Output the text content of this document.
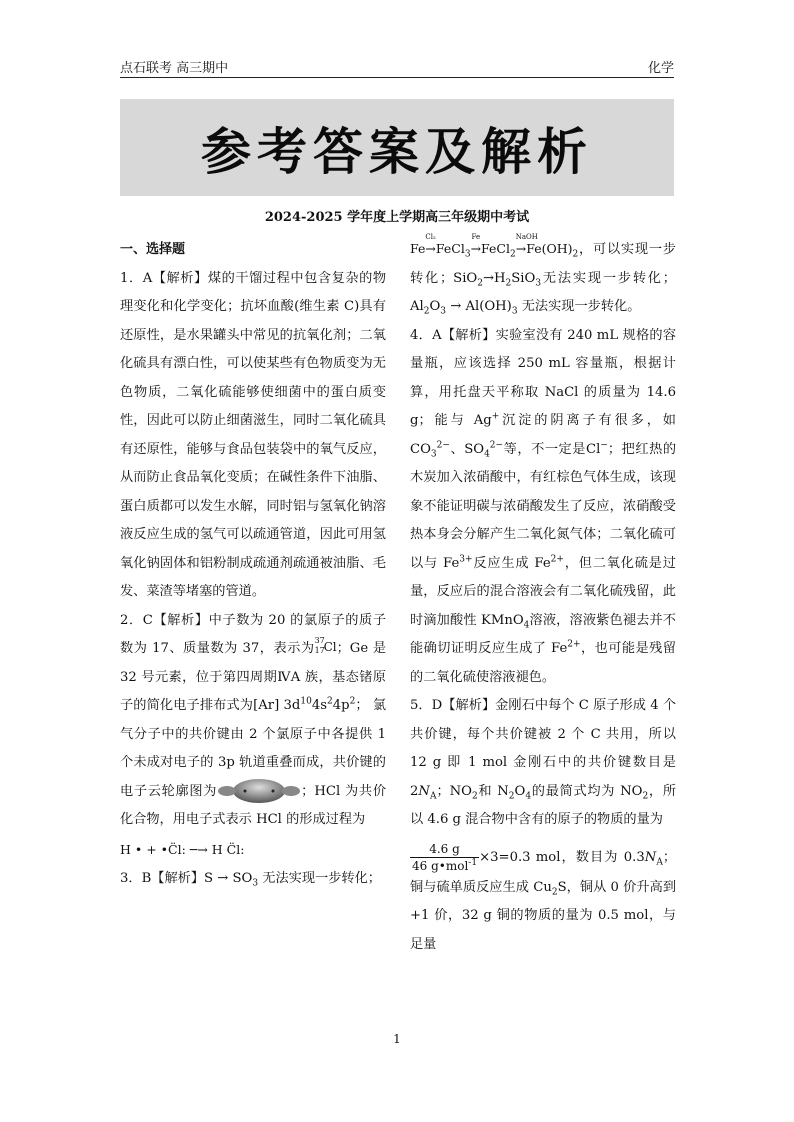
点石联考 高三期中	化学
参考答案及解析
2024-2025 学年度上学期高三年级期中考试
一、选择题

1．A【解析】煤的干馏过程中包含复杂的物理变化和化学变化；抗坏血酸(维生素 C)具有还原性，是水果罐头中常见的抗氧化剂；二氧化硫具有漂白性，可以使某些有色物质变为无色物质，二氧化硫能够使细菌中的蛋白质变性，因此可以防止细菌滋生，同时二氧化硫具有还原性，能够与食品包装袋中的氧气反应，从而防止食品氧化变质；在碱性条件下油脂、蛋白质都可以发生水解，同时铝与氢氧化钠溶液反应生成的氢气可以疏通管道，因此可用氢氧化钠固体和铝粉制成疏通剂疏通被油脂、毛发、菜渣等堵塞的管道。

2．C【解析】中子数为 20 的氯原子的质子数为 17、质量数为 37，表示为
37
17
Cl ；Ge 是 32 号元素，位于第四周期ⅣA 族，基态锗原子的简化电子排布式为[Ar] $3d^{10}4s^24p^2$； 氯气分子中的共价键由 2 个氯原子中各提供 1 个未成对电子的 3p 轨道重叠而成，共价键的电子云轮廓图为	；HCl 为共价化合物，用电子式表示 HCl 的形成过程为
H • + •C̈l: ─→ H C̈l:

3．B【解析】$S \to SO_3$ 无法实现一步转化；

Fe
Cl₂
→FeCl$_3$
Fe
→FeCl$_2$
NaOH
$\to Fe(OH)_2$，可以实现一步转化；$SiO_2\to H_2SiO_3$无法实现一步转化；$Al_2O_3 \to Al(OH)_3$ 无法实现一步转化。

4．A【解析】实验室没有 240 mL 规格的容量瓶，应该选择 250 mL 容量瓶，根据计算，用托盘天平称取 NaCl 的质量为 14.6 g；能与 Ag+沉淀的阴离子有很多，如$CO_3^{2-}$、$SO_4^{2-}$等，不一定是Cl−；把红热的木炭加入浓硝酸中，有红棕色气体生成，该现象不能证明碳与浓硝酸发生了反应，浓硝酸受热本身会分解产生二氧化氮气体；二氧化硫可以与 $Fe^{3+}$反应生成 $Fe^{2+}$，但二氧化硫是过量，反应后的混合溶液会有二氧化硫残留，此时滴加酸性 KMnO$_4$溶液，溶液紫色褪去并不能确切证明反应生成了 $Fe^{2+}$，也可能是残留的二氧化硫使溶液褪色。

5．D【解析】金刚石中每个 C 原子形成 4 个共价键，每个共价键被 2 个 C 共用，所以 12 g 即 1 mol 金刚石中的共价键数目是 $2N_A$；$NO_2$和 $N_2O_4$的最简式均为 $NO_2$，所以 4.6 g 混合物中含有的原子的物质的量为
$\frac{4.6 g}{46 g•mol^{-1}} \times 3=0.3$ mol，数目为 $0.3N_A$；铜与硫单质反应生成 $Cu_2S$，铜从 0 价升高到+1 价，32 g 铜的物质的量为 0.5 mol，与足量

1
